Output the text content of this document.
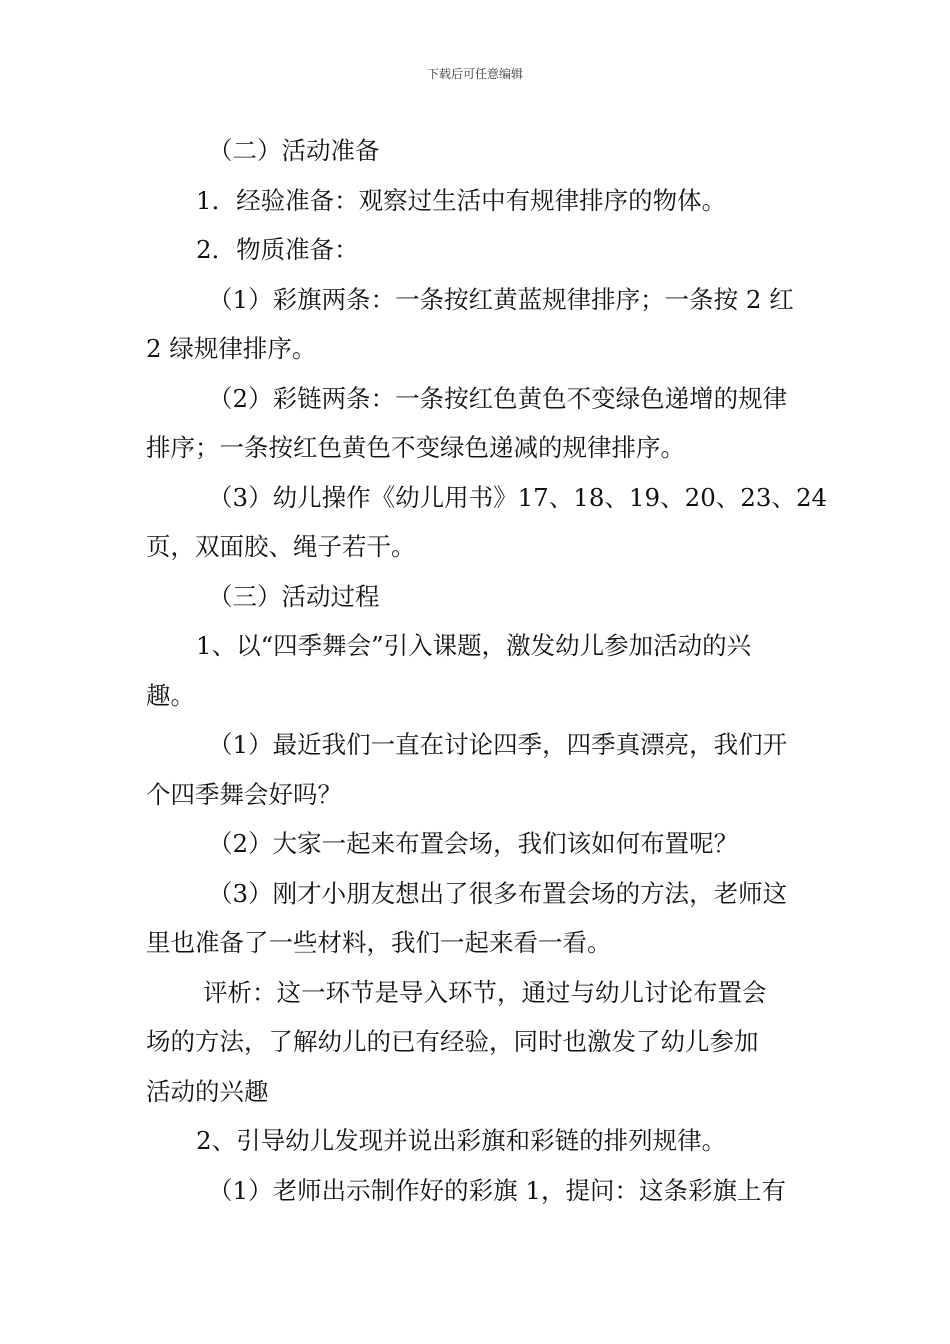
下载后可任意编辑

（二）活动准备

1．经验准备：观察过生活中有规律排序的物体。

2．物质准备：

（1）彩旗两条：一条按红黄蓝规律排序；一条按 2 红
2 绿规律排序。

（2）彩链两条：一条按红色黄色不变绿色递增的规律
排序；一条按红色黄色不变绿色递减的规律排序。

（3）幼儿操作《幼儿用书》17、18、19、20、23、24
页，双面胶、绳子若干。

（三）活动过程

1、以“四季舞会”引入课题，激发幼儿参加活动的兴
趣。

（1）最近我们一直在讨论四季，四季真漂亮，我们开
个四季舞会好吗？

（2）大家一起来布置会场，我们该如何布置呢？

（3）刚才小朋友想出了很多布置会场的方法，老师这
里也准备了一些材料，我们一起来看一看。

评析：这一环节是导入环节，通过与幼儿讨论布置会
场的方法，了解幼儿的已有经验，同时也激发了幼儿参加
活动的兴趣

2、引导幼儿发现并说出彩旗和彩链的排列规律。

（1）老师出示制作好的彩旗 1，提问：这条彩旗上有
